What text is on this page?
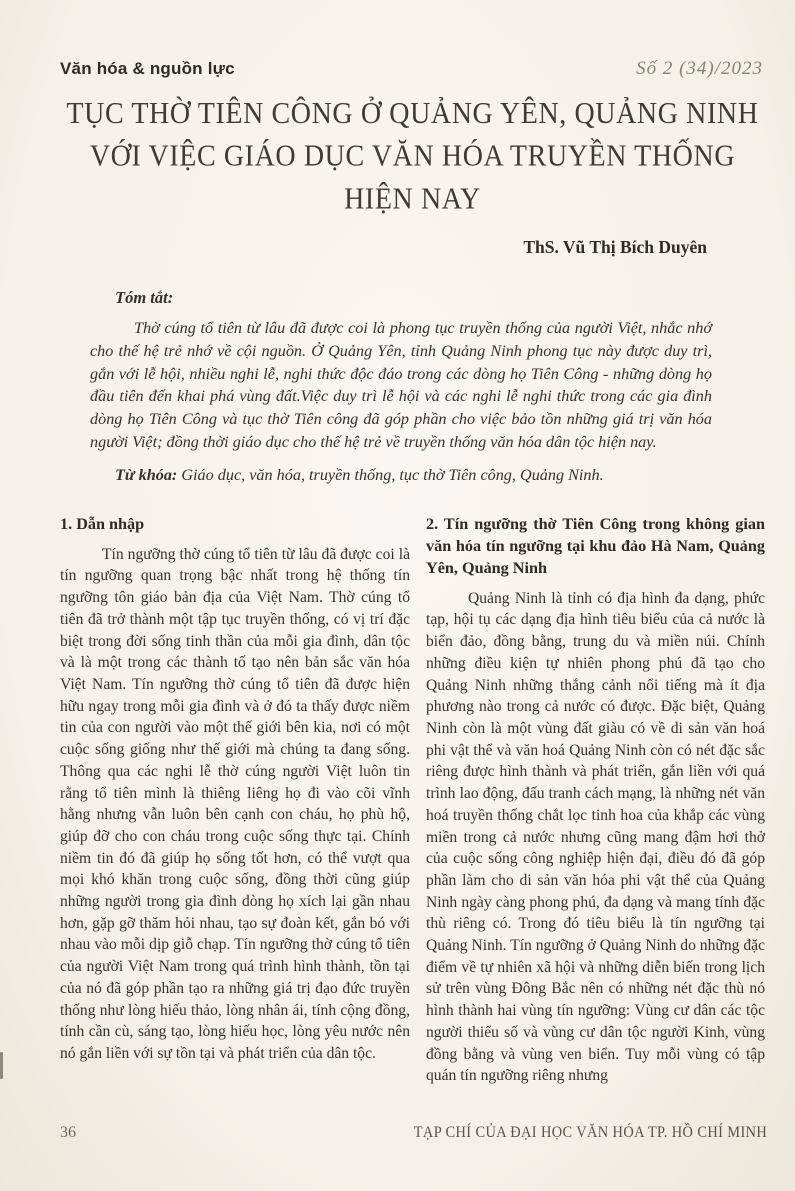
Văn hóa & nguồn lực	Số 2 (34)/2023
TỤC THỜ TIÊN CÔNG Ở QUẢNG YÊN, QUẢNG NINH
VỚI VIỆC GIÁO DỤC VĂN HÓA TRUYỀN THỐNG
HIỆN NAY
ThS. Vũ Thị Bích Duyên
Tóm tắt:
Thờ cúng tổ tiên từ lâu đã được coi là phong tục truyền thống của người Việt, nhắc nhớ cho thế hệ trẻ nhớ về cội nguồn. Ở Quảng Yên, tỉnh Quảng Ninh phong tục này được duy trì, gắn với lễ hội, nhiều nghi lễ, nghi thức độc đáo trong các dòng họ Tiên Công - những dòng họ đầu tiên đến khai phá vùng đất.Việc duy trì lễ hội và các nghi lễ nghi thức trong các gia đình dòng họ Tiên Công và tục thờ Tiên công đã góp phần cho việc bảo tồn những giá trị văn hóa người Việt; đồng thời giáo dục cho thế hệ trẻ về truyền thống văn hóa dân tộc hiện nay.
Từ khóa: Giáo dục, văn hóa, truyền thống, tục thờ Tiên công, Quảng Ninh.
1. Dẫn nhập
Tín ngưỡng thờ cúng tổ tiên từ lâu đã được coi là tín ngưỡng quan trọng bậc nhất trong hệ thống tín ngưỡng tôn giáo bản địa của Việt Nam. Thờ cúng tổ tiên đã trở thành một tập tục truyền thống, có vị trí đặc biệt trong đời sống tinh thần của mỗi gia đình, dân tộc và là một trong các thành tố tạo nên bản sắc văn hóa Việt Nam. Tín ngưỡng thờ cúng tổ tiên đã được hiện hữu ngay trong mỗi gia đình và ở đó ta thấy được niềm tin của con người vào một thế giới bên kia, nơi có một cuộc sống giống như thế giới mà chúng ta đang sống. Thông qua các nghi lễ thờ cúng người Việt luôn tin rằng tổ tiên mình là thiêng liêng họ đi vào cõi vĩnh hằng nhưng vẫn luôn bên cạnh con cháu, họ phù hộ, giúp đỡ cho con cháu trong cuộc sống thực tại. Chính niềm tin đó đã giúp họ sống tốt hơn, có thể vượt qua mọi khó khăn trong cuộc sống, đồng thời cũng giúp những người trong gia đình dòng họ xích lại gần nhau hơn, gặp gỡ thăm hỏi nhau, tạo sự đoàn kết, gắn bó với nhau vào mỗi dịp giỗ chạp. Tín ngưỡng thờ cúng tổ tiên của người Việt Nam trong quá trình hình thành, tồn tại của nó đã góp phần tạo ra những giá trị đạo đức truyền thống như lòng hiếu thảo, lòng nhân ái, tính cộng đồng, tính cần cù, sáng tạo, lòng hiếu học, lòng yêu nước nên nó gắn liền với sự tồn tại và phát triển của dân tộc.
2. Tín ngưỡng thờ Tiên Công trong không gian văn hóa tín ngưỡng tại khu đảo Hà Nam, Quảng Yên, Quảng Ninh
Quảng Ninh là tỉnh có địa hình đa dạng, phức tạp, hội tụ các dạng địa hình tiêu biểu của cả nước là biển đảo, đồng bằng, trung du và miền núi. Chính những điều kiện tự nhiên phong phú đã tạo cho Quảng Ninh những thắng cảnh nổi tiếng mà ít địa phương nào trong cả nước có được. Đặc biệt, Quảng Ninh còn là một vùng đất giàu có về di sản văn hoá phi vật thể và văn hoá Quảng Ninh còn có nét đặc sắc riêng được hình thành và phát triển, gắn liền với quá trình lao động, đấu tranh cách mạng, là những nét văn hoá truyền thống chắt lọc tinh hoa của khắp các vùng miền trong cả nước nhưng cũng mang đậm hơi thở của cuộc sống công nghiệp hiện đại, điều đó đã góp phần làm cho di sản văn hóa phi vật thể của Quảng Ninh ngày càng phong phú, đa dạng và mang tính đặc thù riêng có. Trong đó tiêu biểu là tín ngưỡng tại Quảng Ninh. Tín ngưỡng ở Quảng Ninh do những đặc điểm về tự nhiên xã hội và những diễn biến trong lịch sử trên vùng Đông Bắc nên có những nét đặc thù nó hình thành hai vùng tín ngưỡng: Vùng cư dân các tộc người thiểu số và vùng cư dân tộc người Kinh, vùng đồng bằng và vùng ven biển. Tuy mỗi vùng có tập quán tín ngưỡng riêng nhưng
36	TẠP CHÍ CỦA ĐẠI HỌC VĂN HÓA TP. HỒ CHÍ MINH
